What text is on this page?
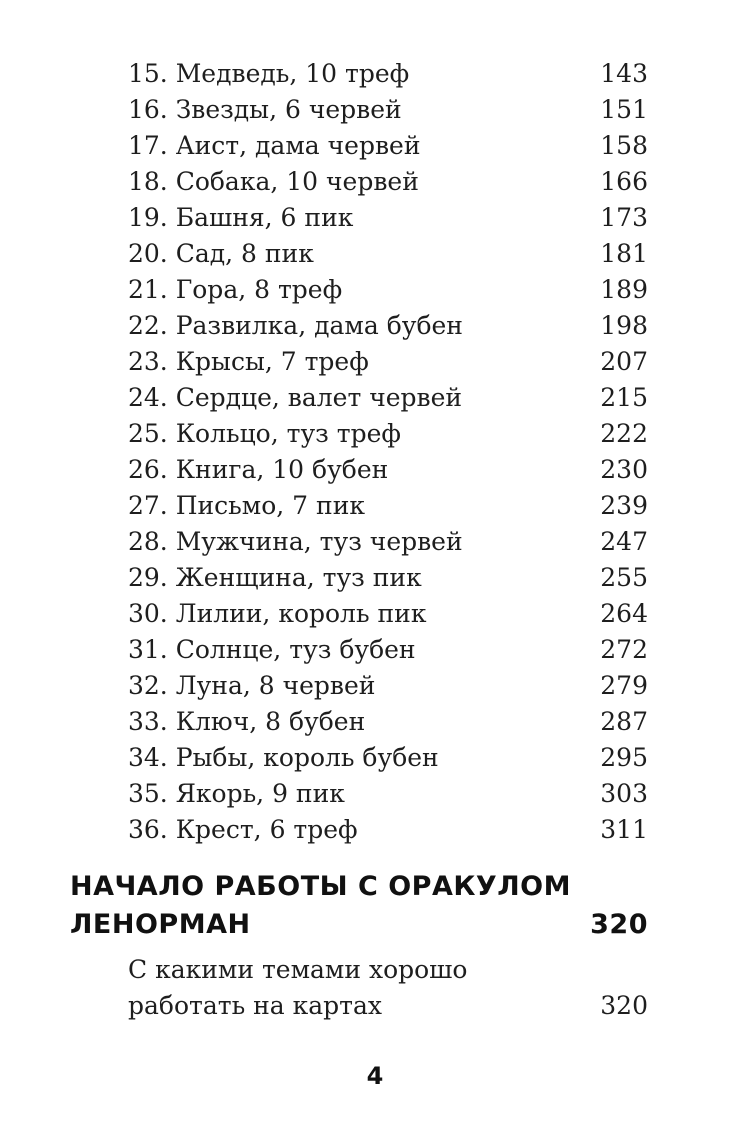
15. Медведь, 10 треф	143
16. Звезды, 6 червей	151
17. Аист, дама червей	158
18. Собака, 10 червей	166
19. Башня, 6 пик	173
20. Сад, 8 пик	181
21. Гора, 8 треф	189
22. Развилка, дама бубен	198
23. Крысы, 7 треф	207
24. Сердце, валет червей	215
25. Кольцо, туз треф	222
26. Книга, 10 бубен	230
27. Письмо, 7 пик	239
28. Мужчина, туз червей	247
29. Женщина, туз пик	255
30. Лилии, король пик	264
31. Солнце, туз бубен	272
32. Луна, 8 червей	279
33. Ключ, 8 бубен	287
34. Рыбы, король бубен	295
35. Якорь, 9 пик	303
36. Крест, 6 треф	311
НАЧАЛО РАБОТЫ С ОРАКУЛОМ
ЛЕНОРМАН	320
С какими темами хорошо
работать на картах	320
4
